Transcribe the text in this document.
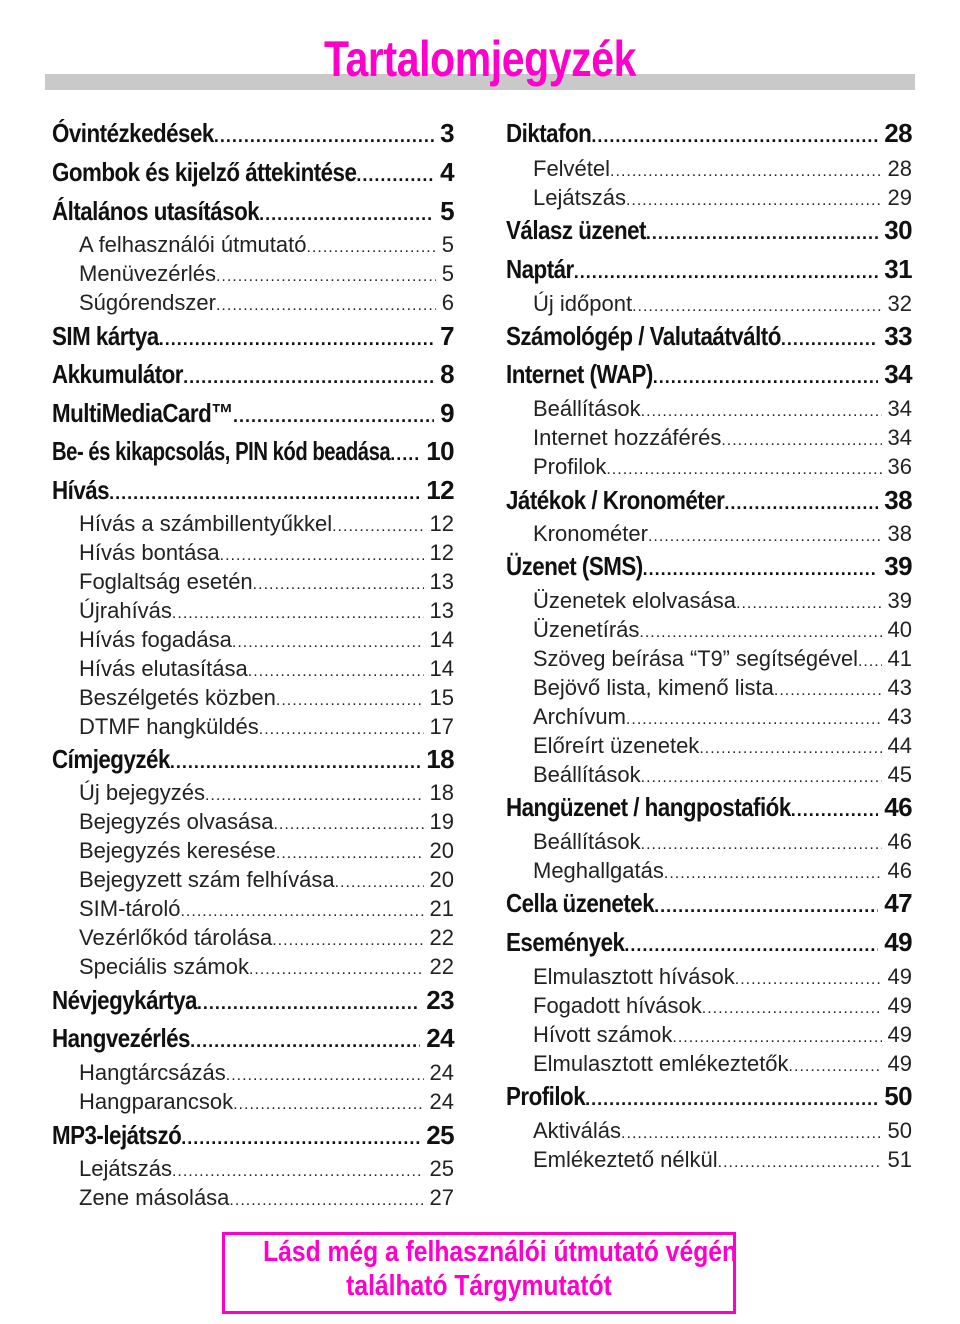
Tartalomjegyzék
Óvintézkedések .....	3
Gombok és kijelző áttekintése .....	4
Általános utasítások .....	5
A felhasználói útmutató .....	5
Menüvezérlés .....	5
Súgórendszer .....	6
SIM kártya .....	7
Akkumulátor .....	8
MultiMediaCard™ .....	9
Be- és kikapcsolás, PIN kód beadása ..... 10
Hívás .....	12
Hívás a számbillentyűkkel .....	12
Hívás bontása .....	12
Foglaltság esetén .....	13
Újrahívás .....	13
Hívás fogadása .....	14
Hívás elutasítása .....	14
Beszélgetés közben .....	15
DTMF hangküldés .....	17
Címjegyzék .....	18
Új bejegyzés .....	18
Bejegyzés olvasása .....	19
Bejegyzés keresése .....	20
Bejegyzett szám felhívása .....	20
SIM-tároló .....	21
Vezérlőkód tárolása .....	22
Speciális számok .....	22
Névjegykártya .....	23
Hangvezérlés .....	24
Hangtárcsázás .....	24
Hangparancsok .....	24
MP3-lejátszó .....	25
Lejátszás .....	25
Zene másolása .....	27
Diktafon .....	28
Felvétel .....	28
Lejátszás .....	29
Válasz üzenet .....	30
Naptár .....	31
Új időpont .....	32
Számológép / Valutaátváltó .....	33
Internet (WAP) .....	34
Beállítások .....	34
Internet hozzáférés .....	34
Profilok .....	36
Játékok / Kronométer .....	38
Kronométer .....	38
Üzenet (SMS) .....	39
Üzenetek elolvasása .....	39
Üzenetírás .....	40
Szöveg beírása “T9” segítségével ..... 41
Bejövő lista, kimenő lista .....	43
Archívum .....	43
Előreírt üzenetek .....	44
Beállítások .....	45
Hangüzenet / hangpostafiók .....	46
Beállítások .....	46
Meghallgatás .....	46
Cella üzenetek .....	47
Események .....	49
Elmulasztott hívások .....	49
Fogadott hívások .....	49
Hívott számok .....	49
Elmulasztott emlékeztetők .....	49
Profilok .....	50
Aktiválás .....	50
Emlékeztető nélkül .....	51
Lásd még a felhasználói útmutató végén
található Tárgymutatót
